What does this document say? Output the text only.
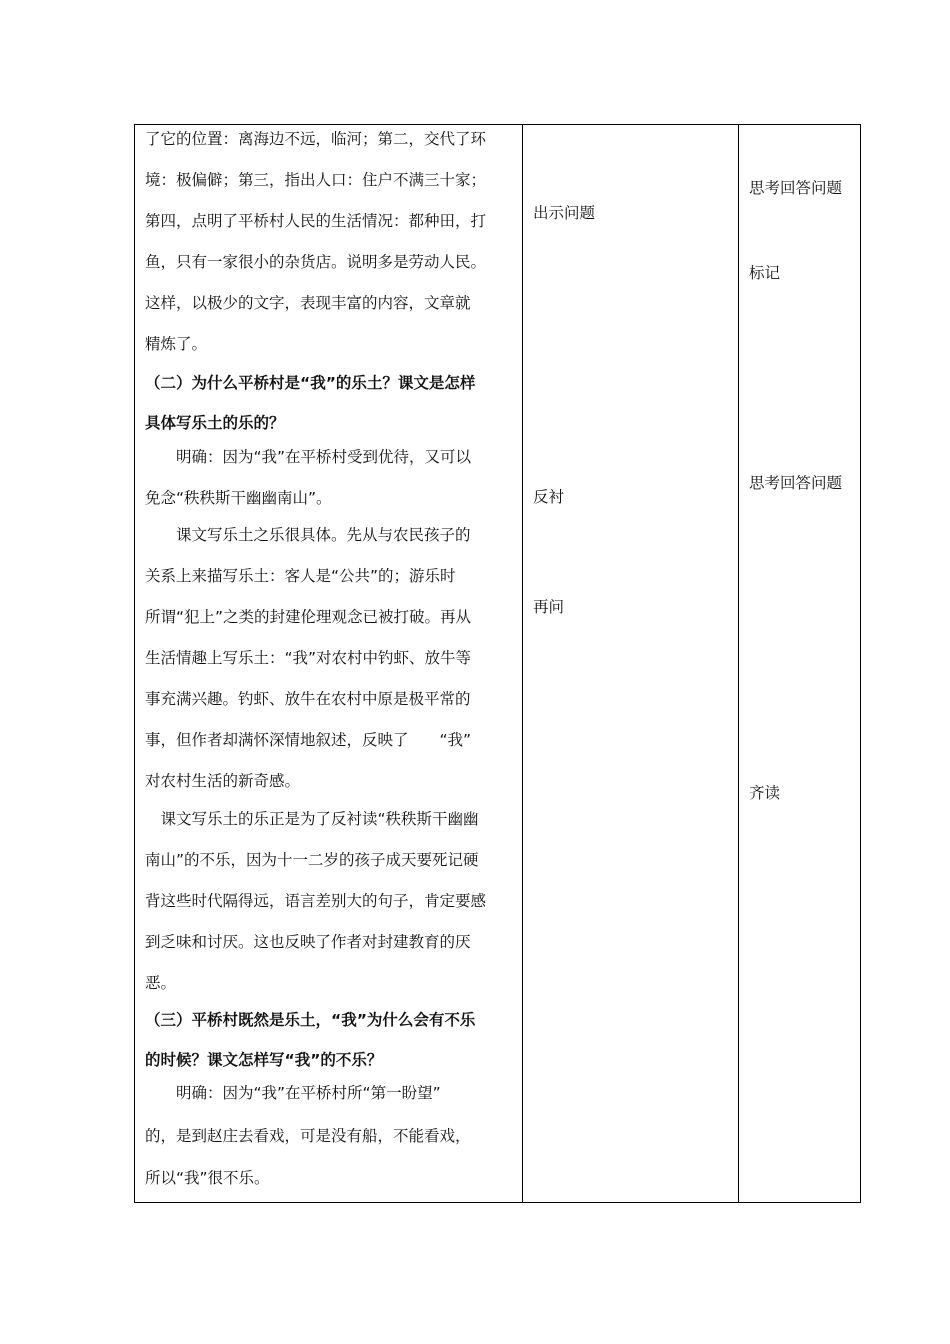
了它的位置：离海边不远，临河；第二，交代了环
境：极偏僻；第三，指出人口：住户不满三十家；
第四，点明了平桥村人民的生活情况：都种田，打
鱼，只有一家很小的杂货店。说明多是劳动人民。
这样，以极少的文字，表现丰富的内容，文章就
精炼了。
（二）为什么平桥村是“我”的乐土？课文是怎样
具体写乐土的乐的？
　　明确：因为“我”在平桥村受到优待，又可以
免念“秩秩斯干幽幽南山”。
　　课文写乐土之乐很具体。先从与农民孩子的
关系上来描写乐土：客人是“公共”的；游乐时
所谓“犯上”之类的封建伦理观念已被打破。再从
生活情趣上写乐土：“我”对农村中钓虾、放牛等
事充满兴趣。钓虾、放牛在农村中原是极平常的
事，但作者却满怀深情地叙述，反映了　　“我”
对农村生活的新奇感。
　课文写乐土的乐正是为了反衬读“秩秩斯干幽幽
南山”的不乐，因为十一二岁的孩子成天要死记硬
背这些时代隔得远，语言差别大的句子，肯定要感
到乏味和讨厌。这也反映了作者对封建教育的厌
恶。
（三）平桥村既然是乐土，“我”为什么会有不乐
的时候？课文怎样写“我”的不乐？
　　明确：因为“我”在平桥村所“第一盼望”
的，是到赵庄去看戏，可是没有船，不能看戏，
所以“我”很不乐。
出示问题
反衬
再问
思考回答问题
标记
思考回答问题
齐读
